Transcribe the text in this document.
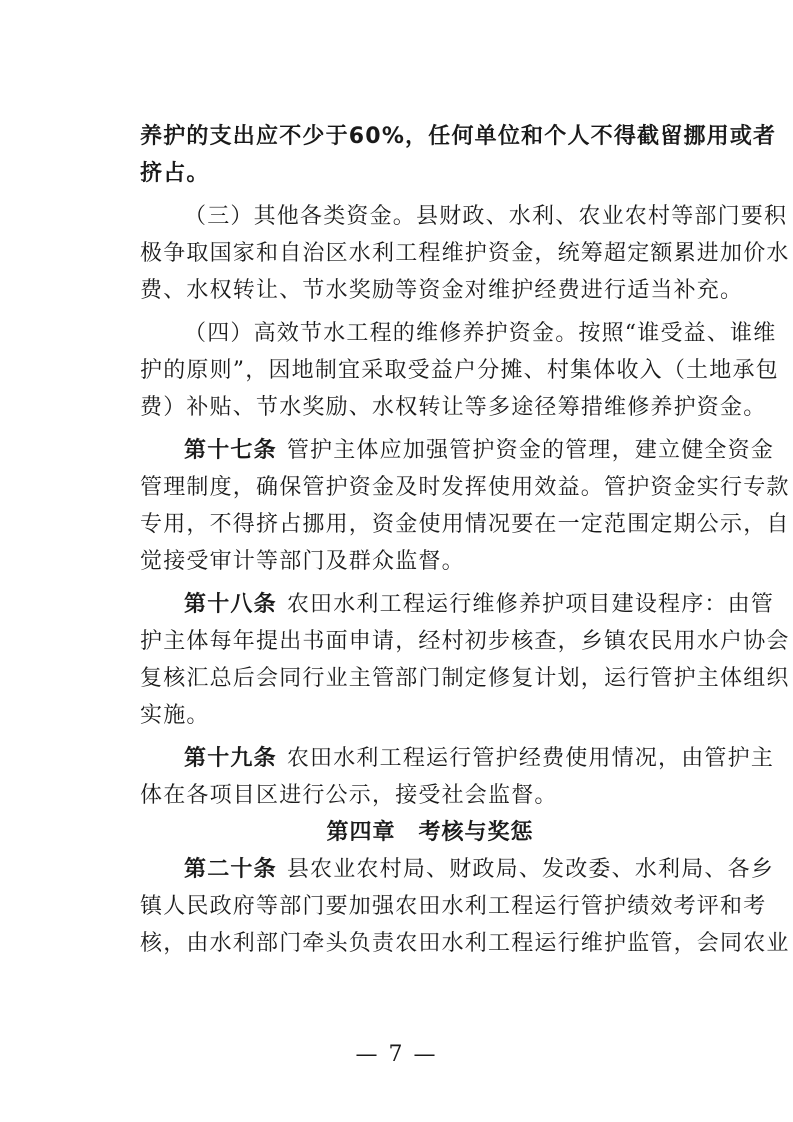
养护的支出应不少于60%，任何单位和个人不得截留挪用或者
挤占。
（三）其他各类资金。县财政、水利、农业农村等部门要积
极争取国家和自治区水利工程维护资金，统筹超定额累进加价水
费、水权转让、节水奖励等资金对维护经费进行适当补充。
（四）高效节水工程的维修养护资金。按照“谁受益、谁维
护的原则”，因地制宜采取受益户分摊、村集体收入（土地承包
费）补贴、节水奖励、水权转让等多途径筹措维修养护资金。
第十七条 管护主体应加强管护资金的管理，建立健全资金
管理制度，确保管护资金及时发挥使用效益。管护资金实行专款
专用，不得挤占挪用，资金使用情况要在一定范围定期公示，自
觉接受审计等部门及群众监督。
第十八条 农田水利工程运行维修养护项目建设程序：由管
护主体每年提出书面申请，经村初步核查，乡镇农民用水户协会
复核汇总后会同行业主管部门制定修复计划，运行管护主体组织
实施。
第十九条 农田水利工程运行管护经费使用情况，由管护主
体在各项目区进行公示，接受社会监督。
第四章　考核与奖惩
第二十条 县农业农村局、财政局、发改委、水利局、各乡
镇人民政府等部门要加强农田水利工程运行管护绩效考评和考
核，由水利部门牵头负责农田水利工程运行维护监管，会同农业
— 7 —
